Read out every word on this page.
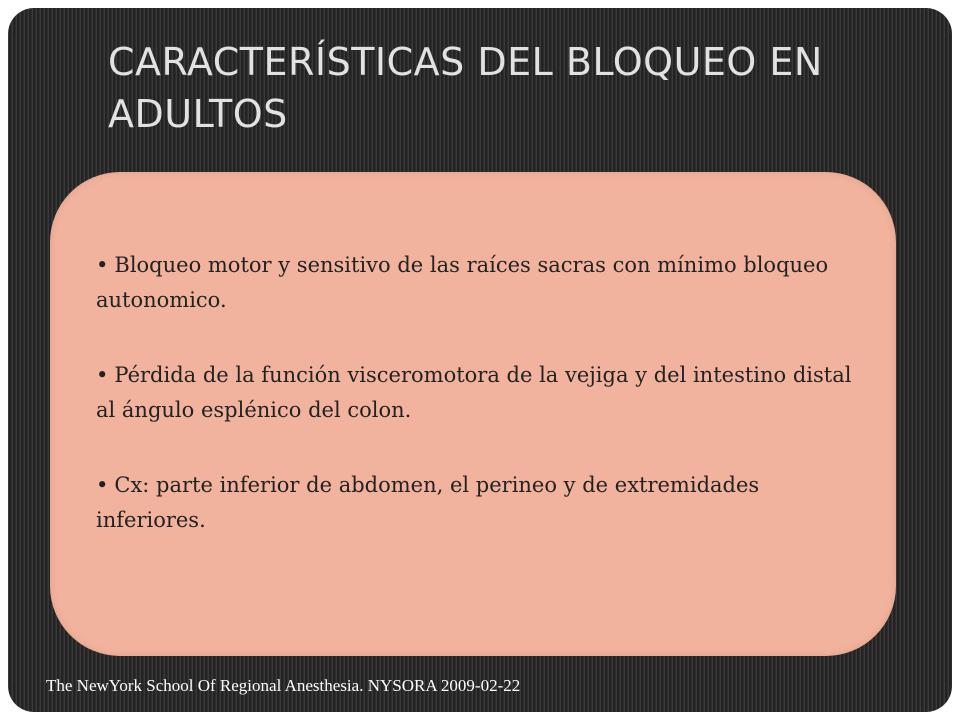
CARACTERÍSTICAS DEL BLOQUEO EN ADULTOS
• Bloqueo motor y sensitivo de las raíces sacras con mínimo bloqueo autonomico.
• Pérdida de la función visceromotora de la vejiga y del intestino distal al ángulo esplénico del colon.
• Cx: parte inferior de abdomen, el perineo y de extremidades inferiores.
The NewYork School Of Regional Anesthesia. NYSORA 2009-02-22
